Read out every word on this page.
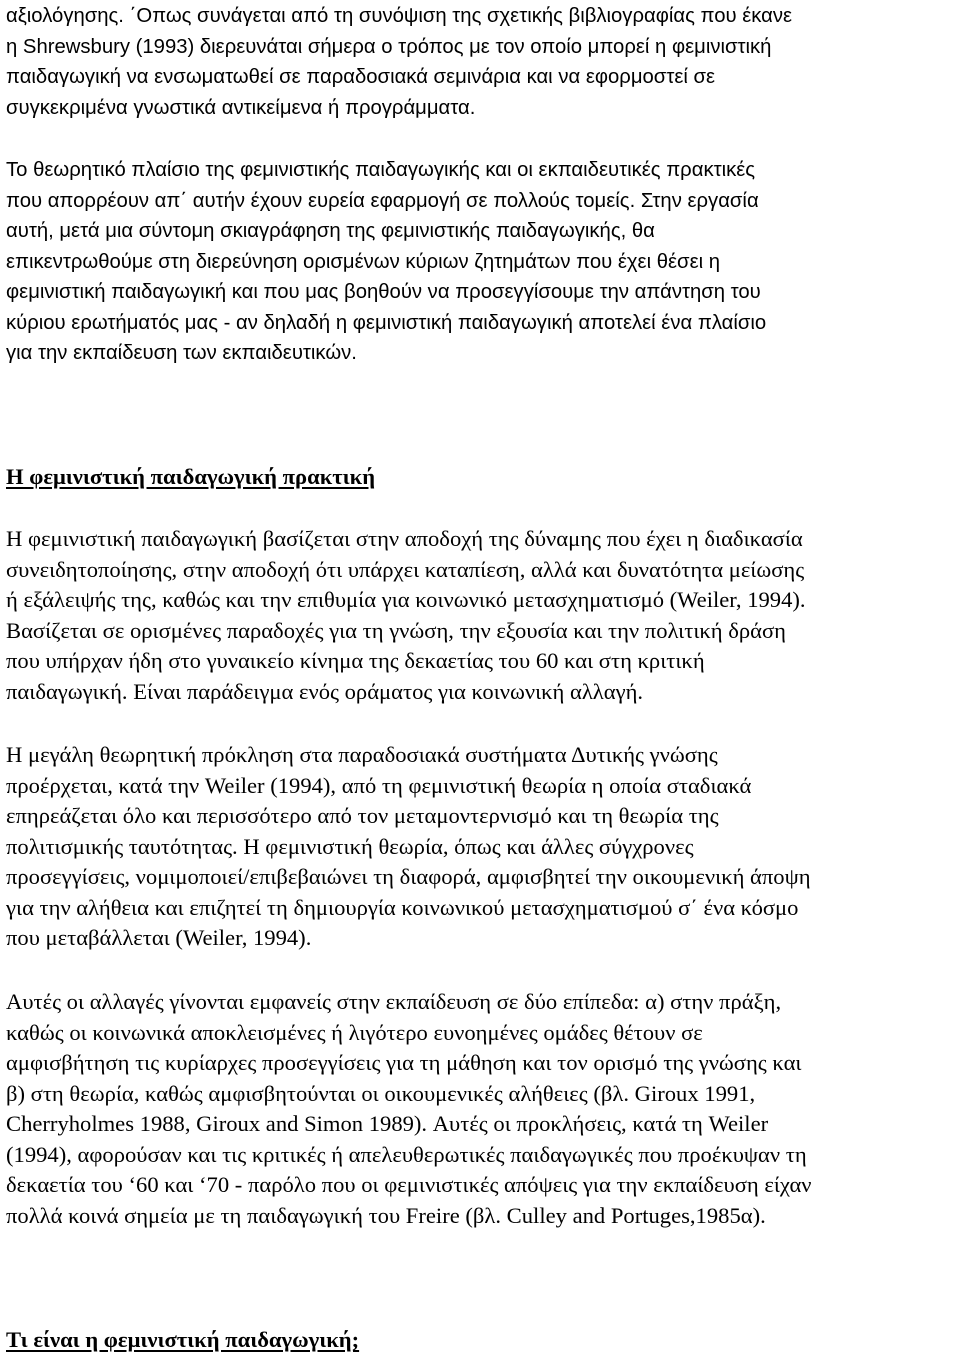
αξιολόγησης. ΄Οπως συνάγεται από τη συνόψιση της σχετικής βιβλιογραφίας που έκανε
η Shrewsbury (1993) διερευνάται σήμερα ο τρόπος με τον οποίο μπορεί η φεμινιστική
παιδαγωγική να ενσωματωθεί σε παραδοσιακά σεμινάρια και να εφορμοστεί σε
συγκεκριμένα γνωστικά αντικείμενα ή προγράμματα.

Το θεωρητικό πλαίσιο της φεμινιστικής παιδαγωγικής και οι εκπαιδευτικές πρακτικές
που απορρέουν απ΄ αυτήν έχουν ευρεία εφαρμογή σε πολλούς τομείς. Στην εργασία
αυτή, μετά μια σύντομη σκιαγράφηση της φεμινιστικής παιδαγωγικής, θα
επικεντρωθούμε στη διερεύνηση ορισμένων κύριων ζητημάτων που έχει θέσει η
φεμινιστική παιδαγωγική και που μας βοηθούν να προσεγγίσουμε την απάντηση του
κύριου ερωτήματός μας - αν δηλαδή η φεμινιστική παιδαγωγική αποτελεί ένα πλαίσιο
για την εκπαίδευση των εκπαιδευτικών.

Η φεμινιστική παιδαγωγική πρακτική

Η φεμινιστική παιδαγωγική βασίζεται στην αποδοχή της δύναμης που έχει η διαδικασία
συνειδητοποίησης, στην αποδοχή ότι υπάρχει καταπίεση, αλλά και δυνατότητα μείωσης
ή εξάλειψής της, καθώς και την επιθυμία για κοινωνικό μετασχηματισμό (Weiler, 1994).
Βασίζεται σε ορισμένες παραδοχές για τη γνώση, την εξουσία και την πολιτική δράση
που υπήρχαν ήδη στο γυναικείο κίνημα της δεκαετίας του 60 και στη κριτική
παιδαγωγική. Είναι παράδειγμα ενός οράματος για κοινωνική αλλαγή.

Η μεγάλη θεωρητική πρόκληση στα παραδοσιακά συστήματα Δυτικής γνώσης
προέρχεται, κατά την Weiler (1994), από τη φεμινιστική θεωρία η οποία σταδιακά
επηρεάζεται όλο και περισσότερο από τον μεταμοντερνισμό και τη θεωρία της
πολιτισμικής ταυτότητας. Η φεμινιστική θεωρία, όπως και άλλες σύγχρονες
προσεγγίσεις, νομιμοποιεί/επιβεβαιώνει τη διαφορά, αμφισβητεί την οικουμενική άποψη
για την αλήθεια και επιζητεί τη δημιουργία κοινωνικού μετασχηματισμού σ΄ ένα κόσμο
που μεταβάλλεται (Weiler, 1994).

Αυτές οι αλλαγές γίνονται εμφανείς στην εκπαίδευση σε δύο επίπεδα: α) στην πράξη,
καθώς οι κοινωνικά αποκλεισμένες ή λιγότερο ευνοημένες ομάδες θέτουν σε
αμφισβήτηση τις κυρίαρχες προσεγγίσεις για τη μάθηση και τον ορισμό της γνώσης και
β) στη θεωρία, καθώς αμφισβητούνται οι οικουμενικές αλήθειες (βλ. Giroux 1991,
Cherryholmes 1988, Giroux and Simon 1989). Αυτές οι προκλήσεις, κατά τη Weiler
(1994), αφορούσαν και τις κριτικές ή απελευθερωτικές παιδαγωγικές που προέκυψαν τη
δεκαετία του ‘60 και ‘70 - παρόλο που οι φεμινιστικές απόψεις για την εκπαίδευση είχαν
πολλά κοινά σημεία με τη παιδαγωγική του Freire (βλ. Culley and Portuges,1985α).

Τι είναι η φεμινιστική παιδαγωγική;
